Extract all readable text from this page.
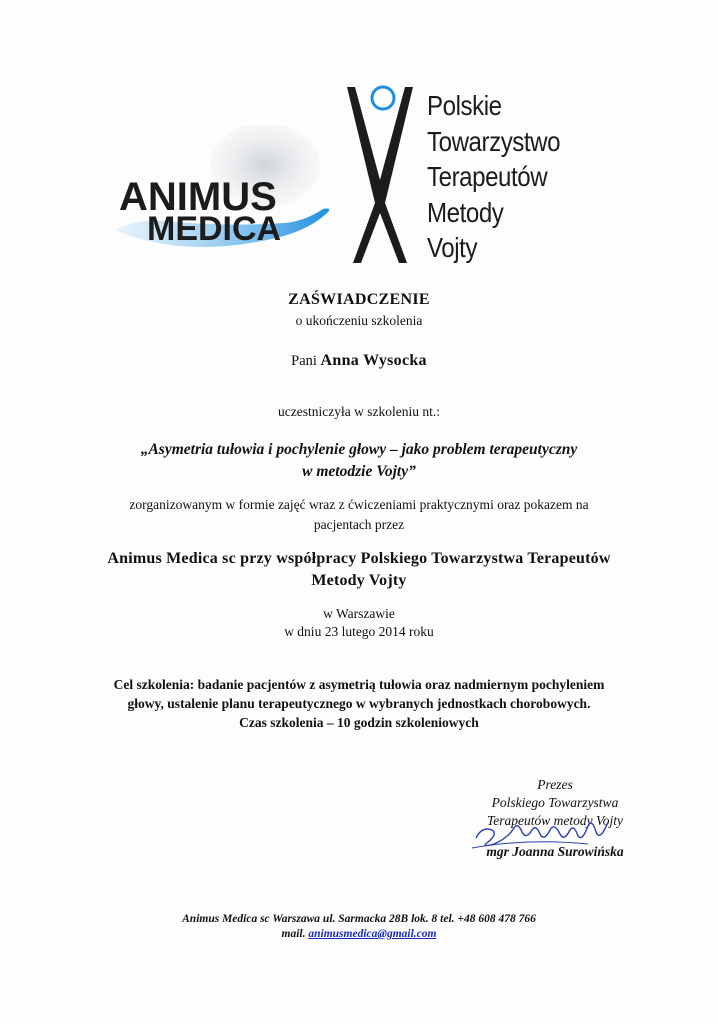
ANIMUS
MEDICA
Polskie
Towarzystwo
Terapeutów
Metody
Vojty
ZAŚWIADCZENIE
o ukończeniu szkolenia
Pani Anna Wysocka
uczestniczyła w szkoleniu nt.:
„Asymetria tułowia i pochylenie głowy – jako problem terapeutyczny
w metodzie Vojty”
zorganizowanym w formie zajęć wraz z ćwiczeniami praktycznymi oraz pokazem na
pacjentach przez
Animus Medica sc przy współpracy Polskiego Towarzystwa Terapeutów
Metody Vojty
w Warszawie
w dniu 23 lutego 2014 roku
Cel szkolenia: badanie pacjentów z asymetrią tułowia oraz nadmiernym pochyleniem
głowy, ustalenie planu terapeutycznego w wybranych jednostkach chorobowych.
Czas szkolenia – 10 godzin szkoleniowych
Prezes
Polskiego Towarzystwa
Terapeutów metody Vojty
mgr Joanna Surowińska
Animus Medica sc Warszawa ul. Sarmacka 28B lok. 8 tel. +48 608 478 766
mail. animusmedica@gmail.com
